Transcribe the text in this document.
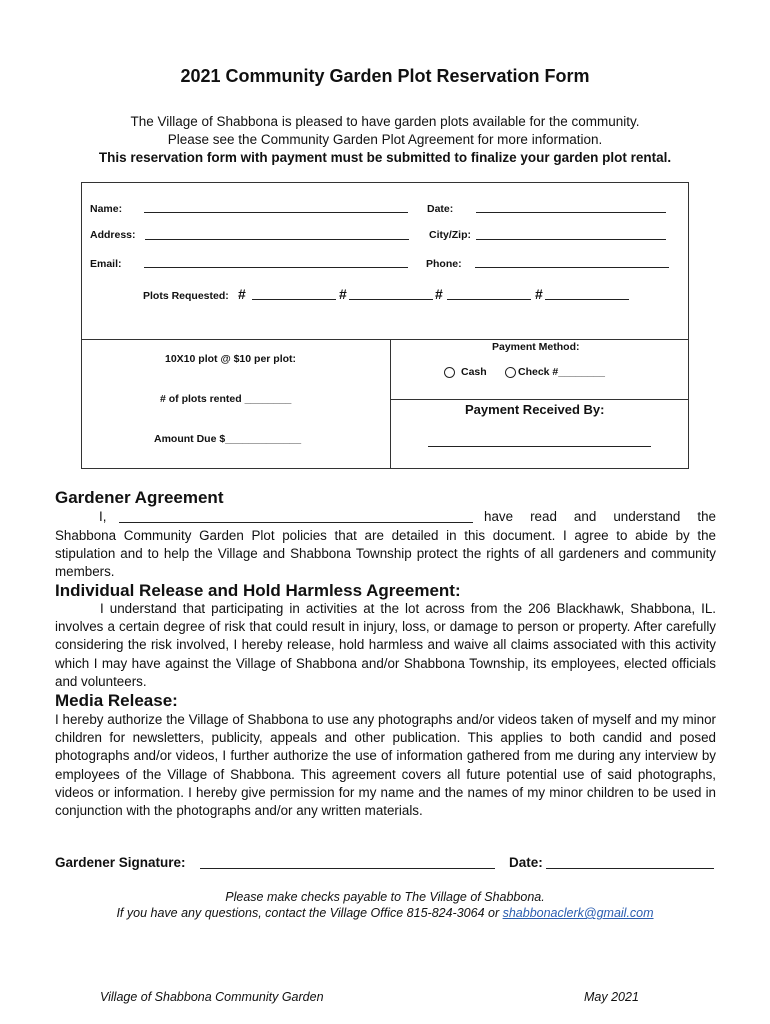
2021 Community Garden Plot Reservation Form
The Village of Shabbona is pleased to have garden plots available for the community.
Please see the Community Garden Plot Agreement for more information.
This reservation form with payment must be submitted to finalize your garden plot rental.
Name:	Date:
Address:	City/Zip:
Email:	Phone:
Plots Requested: #	#	#	#
10X10 plot @ $10 per plot:
# of plots rented ________
Amount Due $_____________
Payment Method:
Cash	Check #________
Payment Received By:
Gardener Agreement
I,	have read and understand the
Shabbona Community Garden Plot policies that are detailed in this document. I agree to abide by the stipulation and to help the Village and Shabbona Township protect the rights of all gardeners and community members.
Individual Release and Hold Harmless Agreement:
I understand that participating in activities at the lot across from the 206 Blackhawk, Shabbona, IL. involves a certain degree of risk that could result in injury, loss, or damage to person or property. After carefully considering the risk involved, I hereby release, hold harmless and waive all claims associated with this activity which I may have against the Village of Shabbona and/or Shabbona Township, its employees, elected officials and volunteers.
Media Release:
I hereby authorize the Village of Shabbona to use any photographs and/or videos taken of myself and my minor children for newsletters, publicity, appeals and other publication. This applies to both candid and posed photographs and/or videos, I further authorize the use of information gathered from me during any interview by employees of the Village of Shabbona. This agreement covers all future potential use of said photographs, videos or information. I hereby give permission for my name and the names of my minor children to be used in conjunction with the photographs and/or any written materials.
Gardener Signature:	Date:
Please make checks payable to The Village of Shabbona.
If you have any questions, contact the Village Office 815-824-3064 or shabbonaclerk@gmail.com
Village of Shabbona Community Garden	May 2021
